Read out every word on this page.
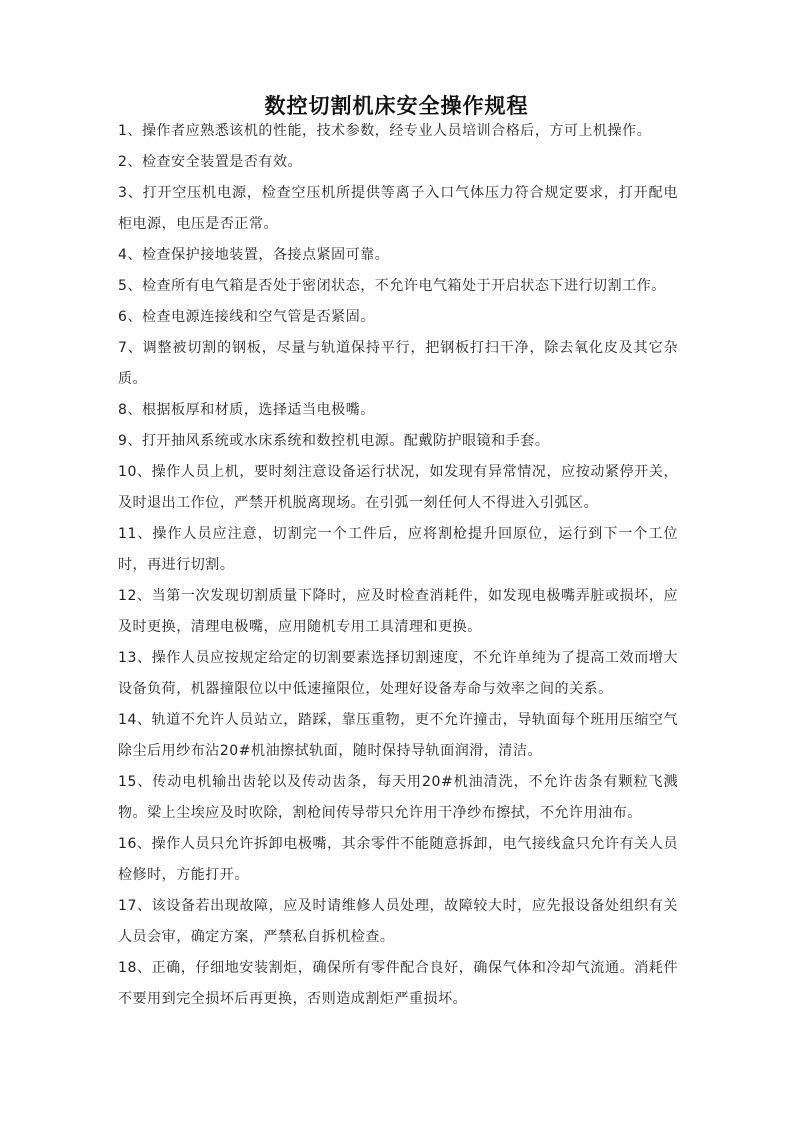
数控切割机床安全操作规程

1、操作者应熟悉该机的性能，技术参数，经专业人员培训合格后，方可上机操作。

2、检查安全装置是否有效。

3、打开空压机电源，检查空压机所提供等离子入口气体压力符合规定要求，打开配电柜电源，电压是否正常。

4、检查保护接地装置，各接点紧固可靠。

5、检查所有电气箱是否处于密闭状态，不允许电气箱处于开启状态下进行切割工作。

6、检查电源连接线和空气管是否紧固。

7、调整被切割的钢板，尽量与轨道保持平行，把钢板打扫干净，除去氧化皮及其它杂质。

8、根据板厚和材质，选择适当电极嘴。

9、打开抽风系统或水床系统和数控机电源。配戴防护眼镜和手套。

10、操作人员上机，要时刻注意设备运行状况，如发现有异常情况，应按动紧停开关，及时退出工作位，严禁开机脱离现场。在引弧一刻任何人不得进入引弧区。

11、操作人员应注意，切割完一个工件后，应将割枪提升回原位，运行到下一个工位时，再进行切割。

12、当第一次发现切割质量下降时，应及时检查消耗件，如发现电极嘴弄脏或损坏，应及时更换，清理电极嘴，应用随机专用工具清理和更换。

13、操作人员应按规定给定的切割要素选择切割速度，不允许单纯为了提高工效而增大设备负荷，机器撞限位以中低速撞限位，处理好设备寿命与效率之间的关系。

14、轨道不允许人员站立，踏踩，靠压重物，更不允许撞击，导轨面每个班用压缩空气除尘后用纱布沾20#机油擦拭轨面，随时保持导轨面润滑，清洁。

15、传动电机输出齿轮以及传动齿条，每天用20#机油清洗，不允许齿条有颗粒飞溅物。梁上尘埃应及时吹除，割枪间传导带只允许用干净纱布擦拭，不允许用油布。

16、操作人员只允许拆卸电极嘴，其余零件不能随意拆卸，电气接线盒只允许有关人员检修时，方能打开。

17、该设备若出现故障，应及时请维修人员处理，故障较大时，应先报设备处组织有关人员会审，确定方案，严禁私自拆机检查。

18、正确，仔细地安装割炬，确保所有零件配合良好，确保气体和冷却气流通。消耗件不要用到完全损坏后再更换，否则造成割炬严重损坏。
